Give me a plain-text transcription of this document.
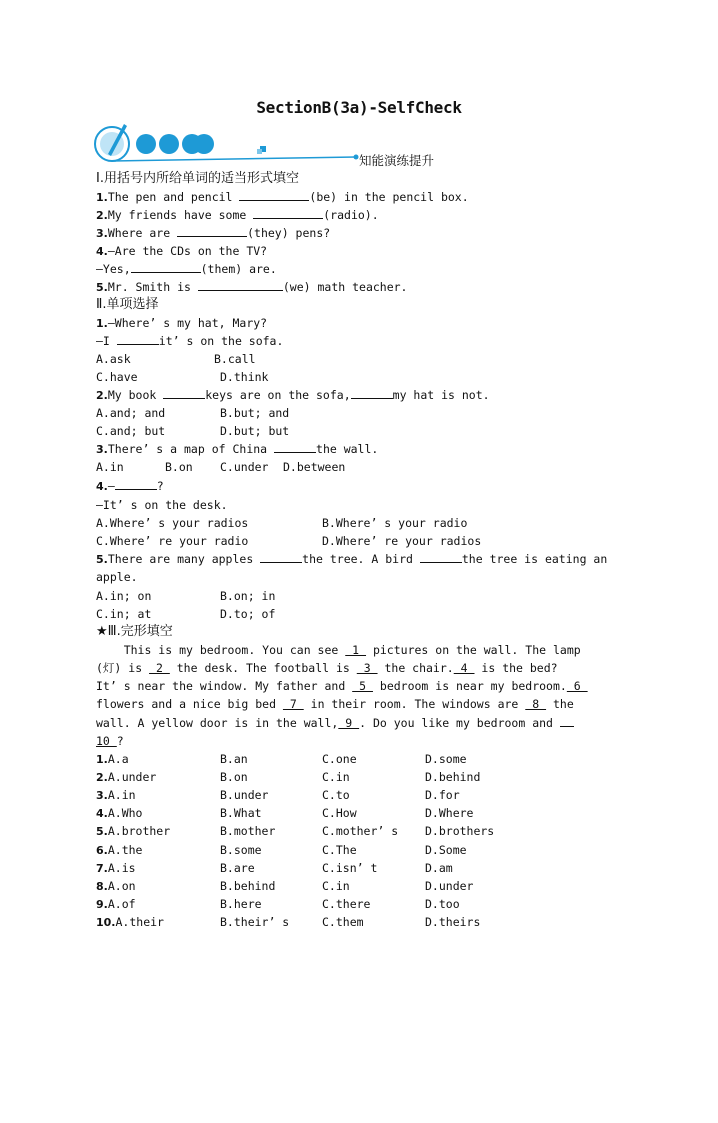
SectionB(3a)-SelfCheck
知能演练提升
Ⅰ.用括号内所给单词的适当形式填空
1.The pen and pencil	(be) in the pencil box.
2.My friends have some	(radio).
3.Where are	(they) pens?
4.—Are the CDs on the TV?
—Yes,	(them) are.
5.Mr. Smith is	(we) math teacher.
Ⅱ.单项选择
1.—Where’ s my hat, Mary?
—I	it’ s on the sofa.
A.ask	B.call
C.have	D.think
2.My book	keys are on the sofa,	my hat is not.
A.and; and	B.but; and
C.and; but	D.but; but
3.There’ s a map of China	the wall.
A.in	B.on C.under D.between
4.—	?
—It’ s on the desk.
A.Where’ s your radios	B.Where’ s your radio
C.Where’ re your radio	D.Where’ re your radios
5.There are many apples	the tree. A bird	the tree is eating an
apple.
A.in; on	B.on; in
C.in; at	D.to; of
★Ⅲ.完形填空
This is my bedroom. You can see  1  pictures on the wall. The lamp
(灯) is  2  the desk. The football is  3  the chair. 4  is the bed?
It’ s near the window. My father and  5  bedroom is near my bedroom. 6
flowers and a nice big bed  7  in their room. The windows are  8  the
wall. A yellow door is in the wall, 9 . Do you like my bedroom and
10 ?
1.A.a	B.an	C.one	D.some
2.A.under	B.on	C.in	D.behind
3.A.in	B.under	C.to	D.for
4.A.Who	B.What	C.How	D.Where
5.A.brother	B.mother	C.mother’ s D.brothers
6.A.the	B.some	C.The	D.Some
7.A.is	B.are	C.isn’ t	D.am
8.A.on	B.behind	C.in	D.under
9.A.of	B.here	C.there	D.too
10.A.their	B.their’ s	C.them	D.theirs
